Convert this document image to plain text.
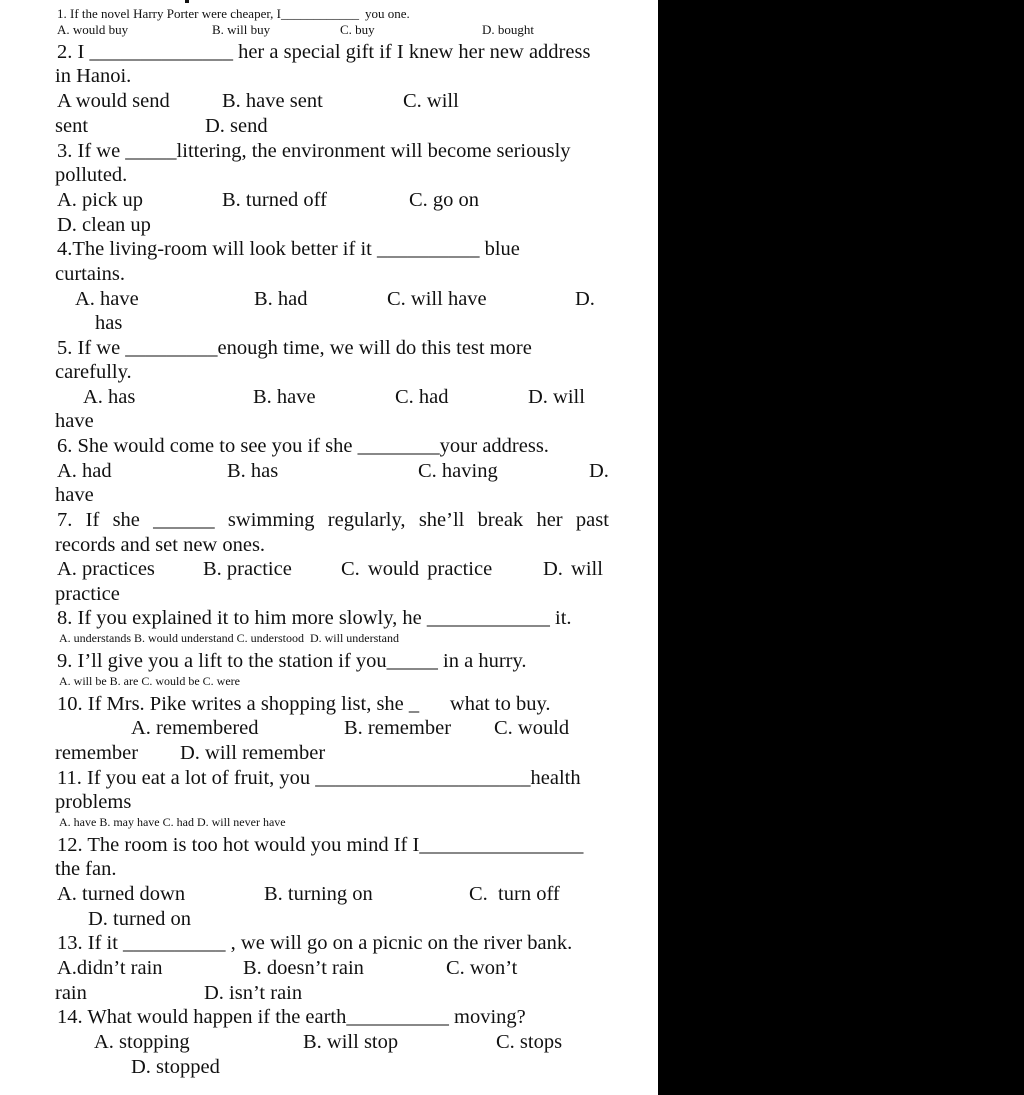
1. If the novel Harry Porter were cheaper, I____________ you one.
A. would buy	B. will buy	C. buy	D. bought
2. I ______________ her a special gift if I knew her new address
in Hanoi.
A would send	B. have sent	C. will
sent	D. send
3. If we _____littering, the environment will become seriously
polluted.
A. pick up	B. turned off	C. go on
D. clean up
4.The living-room will look better if it __________ blue
curtains.
A. have	B. had	C. will have	D.
has
5. If we _________enough time, we will do this test more
carefully.
A. has	B. have	C. had	D. will
have
6. She would come to see you if she ________your address.
A. had	B. has	C. having	D.
have
7. If she ______ swimming regularly, she’ll break her past
records and set new ones.
A. practices B. practice C. would practice D. will
practice
8. If you explained it to him more slowly, he ____________ it.
A. understands B. would understand C. understood  D. will understand
9. I’ll give you a lift to the station if you_____ in a hurry.
A. will be B. are C. would be C. were
10. If Mrs. Pike writes a shopping list, she _ what to buy.
A. remembered	B. remember C. would
remember D. will remember
11. If you eat a lot of fruit, you _____________________health
problems
A. have B. may have C. had D. will never have
12. The room is too hot would you mind If I________________
the fan.
A. turned down	B. turning on	C.  turn off
D. turned on
13. If it __________ , we will go on a picnic on the river bank.
A.didn’t rain	B. doesn’t rain	C. won’t
rain	D. isn’t rain
14. What would happen if the earth__________ moving?
A. stopping	B. will stop	C. stops
D. stopped
